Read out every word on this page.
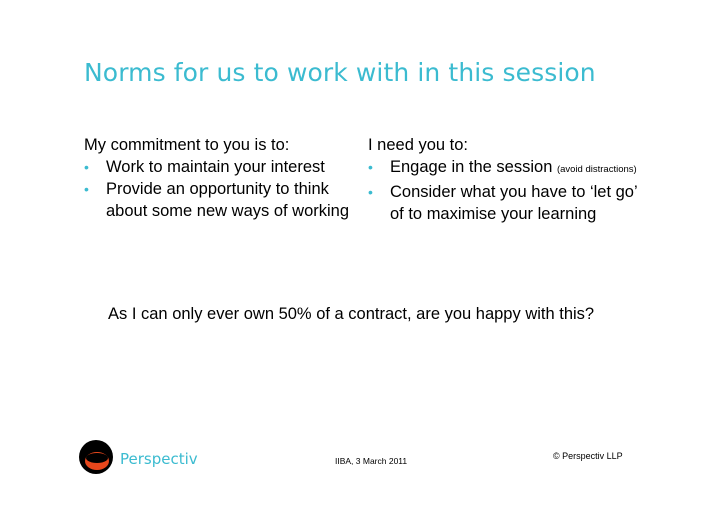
Norms for us to work with in this session
My commitment to you is to:
• Work to maintain your interest
• Provide an opportunity to think
about some new ways of working
I need you to:
• Engage in the session (avoid distractions)
• Consider what you have to ‘let go’
of to maximise your learning
As I can only ever own 50% of a contract, are you happy with this?
Perspectiv	IIBA, 3 March 2011	© Perspectiv LLP
